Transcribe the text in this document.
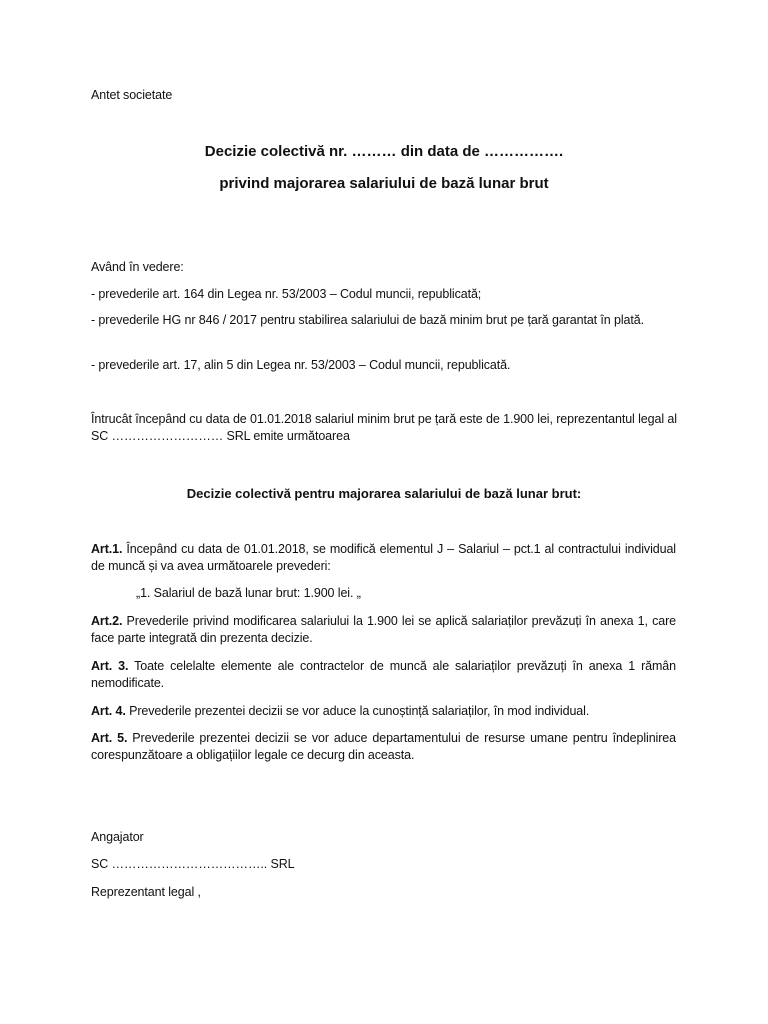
Antet societate
Decizie colectivă nr. ……… din data de …………….
privind majorarea salariului de bază lunar brut
Având în vedere:
- prevederile art. 164 din Legea nr. 53/2003 – Codul muncii, republicată;
- prevederile HG nr 846 / 2017 pentru stabilirea salariului de bază minim brut pe țară garantat în plată.
- prevederile art. 17, alin 5 din Legea nr. 53/2003 – Codul muncii, republicată.
Întrucât începând cu data de 01.01.2018 salariul minim brut pe țară este de 1.900 lei, reprezentantul legal al SC ……………………… SRL emite următoarea
Decizie colectivă pentru majorarea salariului de bază lunar brut:
Art.1. Începând cu data de 01.01.2018, se modifică elementul J – Salariul – pct.1 al contractului individual de muncă și va avea următoarele prevederi:
„1. Salariul de bază lunar brut: 1.900 lei. „
Art.2. Prevederile privind modificarea salariului la 1.900 lei se aplică salariaților prevăzuți în anexa 1, care face parte integrată din prezenta decizie.
Art. 3. Toate celelalte elemente ale contractelor de muncă ale salariaților prevăzuți în anexa 1 rămân nemodificate.
Art. 4. Prevederile prezentei decizii se vor aduce la cunoștință salariaților, în mod individual.
Art. 5. Prevederile prezentei decizii se vor aduce departamentului de resurse umane pentru îndeplinirea corespunzătoare a obligațiilor legale ce decurg din aceasta.
Angajator
SC ……………………………….. SRL
Reprezentant legal ,
